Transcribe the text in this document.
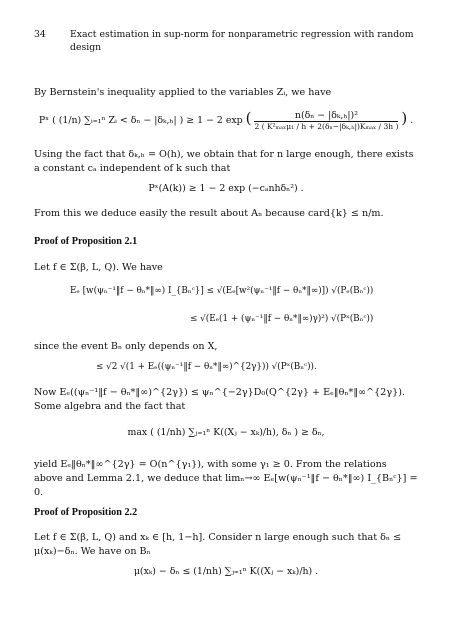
34	Exact estimation in sup-norm for nonparametric regression with random design
By Bernstein's inequality applied to the variables Zᵢ, we have
Pˣ ( (1/n) ∑ᵢ₌₁ⁿ Zᵢ < δₙ − |δₖ,ₕ| ) ≥ 1 − 2 exp ( $\frac{\text{n(δₙ − |δₖ,ₕ|)²}}{\text{2 ( K²ₘₐₓμ₁ / h + 2(δₙ−|δₖ,ₕ|)Kₘₐₓ / 3h )}}$ ) .
Using the fact that δₖ,ₕ = O(h), we obtain that for n large enough, there exists a constant cₐ independent of k such that
Pˣ(A(k)) ≥ 1 − 2 exp (−cₐnhδₙ²) .
From this we deduce easily the result about Aₙ because card{k} ≤ n/m.
Proof of Proposition 2.1
Let f ∈ Σ(β, L, Q). We have
Eₑ [w(ψₙ⁻¹‖f − θₙ*‖∞) I_{Bₙᶜ}] ≤ √(Eₑ[w²(ψₙ⁻¹‖f − θₙ*‖∞)]) √(Pₑ(Bₙᶜ))
≤ √(Eₑ(1 + (ψₙ⁻¹‖f − θₙ*‖∞)γ)²) √(Pˣ(Bₙᶜ))
since the event Bₙ only depends on X,
≤ √2 √(1 + Eₑ((ψₙ⁻¹‖f − θₙ*‖∞)^{2γ})) √(Pˣ(Bₙᶜ)).
Now Eₑ((ψₙ⁻¹‖f − θₙ*‖∞)^{2γ}) ≤ ψₙ^{−2γ}D₀(Q^{2γ} + Eₑ‖θₙ*‖∞^{2γ}). Some algebra and the fact that
max ( (1/nh) ∑ⱼ₌₁ⁿ K((Xⱼ − xₖ)/h), δₙ ) ≥ δₙ,
yield Eₑ‖θₙ*‖∞^{2γ} = O(n^{γ₁}), with some γ₁ ≥ 0. From the relations above and Lemma 2.1, we deduce that limₙ→∞ Eₑ[w(ψₙ⁻¹‖f − θₙ*‖∞) I_{Bₙᶜ}] = 0.
Proof of Proposition 2.2
Let f ∈ Σ(β, L, Q) and xₖ ∈ [h, 1−h]. Consider n large enough such that δₙ ≤ μ(xₖ)−δₙ. We have on Bₙ
μ(xₖ) − δₙ ≤ (1/nh) ∑ⱼ₌₁ⁿ K((Xⱼ − xₖ)/h) .
